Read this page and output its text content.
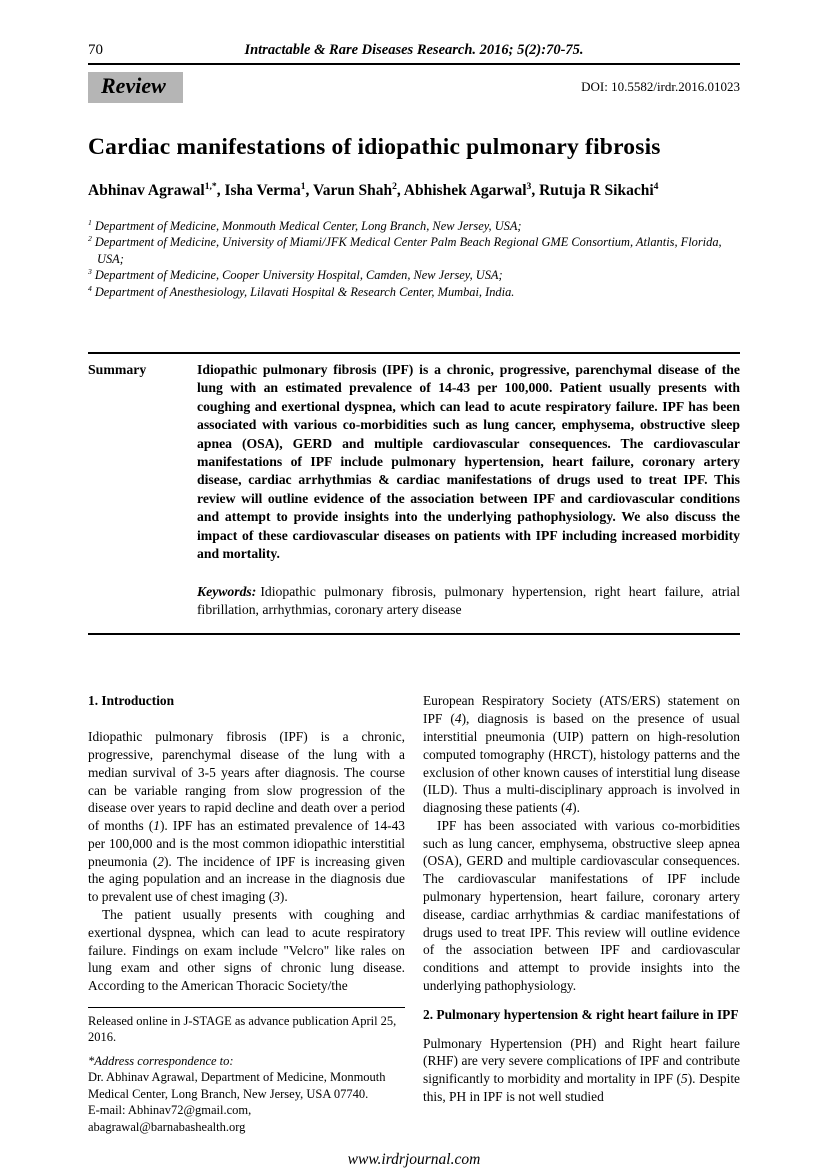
70	Intractable & Rare Diseases Research. 2016; 5(2):70-75.
Review	DOI: 10.5582/irdr.2016.01023
Cardiac manifestations of idiopathic pulmonary fibrosis
Abhinav Agrawal$^{1,*}$, Isha Verma$^1$, Varun Shah$^2$, Abhishek Agarwal$^3$, Rutuja R Sikachi$^4$
$^1$ Department of Medicine, Monmouth Medical Center, Long Branch, New Jersey, USA;
$^2$ Department of Medicine, University of Miami/JFK Medical Center Palm Beach Regional GME Consortium, Atlantis, Florida, USA;
$^3$ Department of Medicine, Cooper University Hospital, Camden, New Jersey, USA;
$^4$ Department of Anesthesiology, Lilavati Hospital & Research Center, Mumbai, India.
Summary	Idiopathic pulmonary fibrosis (IPF) is a chronic, progressive, parenchymal disease of the lung with an estimated prevalence of 14-43 per 100,000. Patient usually presents with coughing and exertional dyspnea, which can lead to acute respiratory failure. IPF has been associated with various co-morbidities such as lung cancer, emphysema, obstructive sleep apnea (OSA), GERD and multiple cardiovascular consequences. The cardiovascular manifestations of IPF include pulmonary hypertension, heart failure, coronary artery disease, cardiac arrhythmias & cardiac manifestations of drugs used to treat IPF. This review will outline evidence of the association between IPF and cardiovascular conditions and attempt to provide insights into the underlying pathophysiology. We also discuss the impact of these cardiovascular diseases on patients with IPF including increased morbidity and mortality.

Keywords: Idiopathic pulmonary fibrosis, pulmonary hypertension, right heart failure, atrial fibrillation, arrhythmias, coronary artery disease

1. Introduction

Idiopathic pulmonary fibrosis (IPF) is a chronic, progressive, parenchymal disease of the lung with a median survival of 3-5 years after diagnosis. The course can be variable ranging from slow progression of the disease over years to rapid decline and death over a period of months (1). IPF has an estimated prevalence of 14-43 per 100,000 and is the most common idiopathic interstitial pneumonia (2). The incidence of IPF is increasing given the aging population and an increase in the diagnosis due to prevalent use of chest imaging (3).

The patient usually presents with coughing and exertional dyspnea, which can lead to acute respiratory failure. Findings on exam include "Velcro" like rales on lung exam and other signs of chronic lung disease. According to the American Thoracic Society/the

Released online in J-STAGE as advance publication April 25, 2016.

*Address correspondence to:

Dr. Abhinav Agrawal, Department of Medicine, Monmouth Medical Center, Long Branch, New Jersey, USA 07740.

E-mail: Abhinav72@gmail.com, abagrawal@barnabashealth.org

European Respiratory Society (ATS/ERS) statement on IPF (4), diagnosis is based on the presence of usual interstitial pneumonia (UIP) pattern on high-resolution computed tomography (HRCT), histology patterns and the exclusion of other known causes of interstitial lung disease (ILD). Thus a multi-disciplinary approach is involved in diagnosing these patients (4).

IPF has been associated with various co-morbidities such as lung cancer, emphysema, obstructive sleep apnea (OSA), GERD and multiple cardiovascular consequences. The cardiovascular manifestations of IPF include pulmonary hypertension, heart failure, coronary artery disease, cardiac arrhythmias & cardiac manifestations of drugs used to treat IPF. This review will outline evidence of the association between IPF and cardiovascular conditions and attempt to provide insights into the underlying pathophysiology.

2. Pulmonary hypertension & right heart failure in IPF

Pulmonary Hypertension (PH) and Right heart failure (RHF) are very severe complications of IPF and contribute significantly to morbidity and mortality in IPF (5). Despite this, PH in IPF is not well studied

www.irdrjournal.com
